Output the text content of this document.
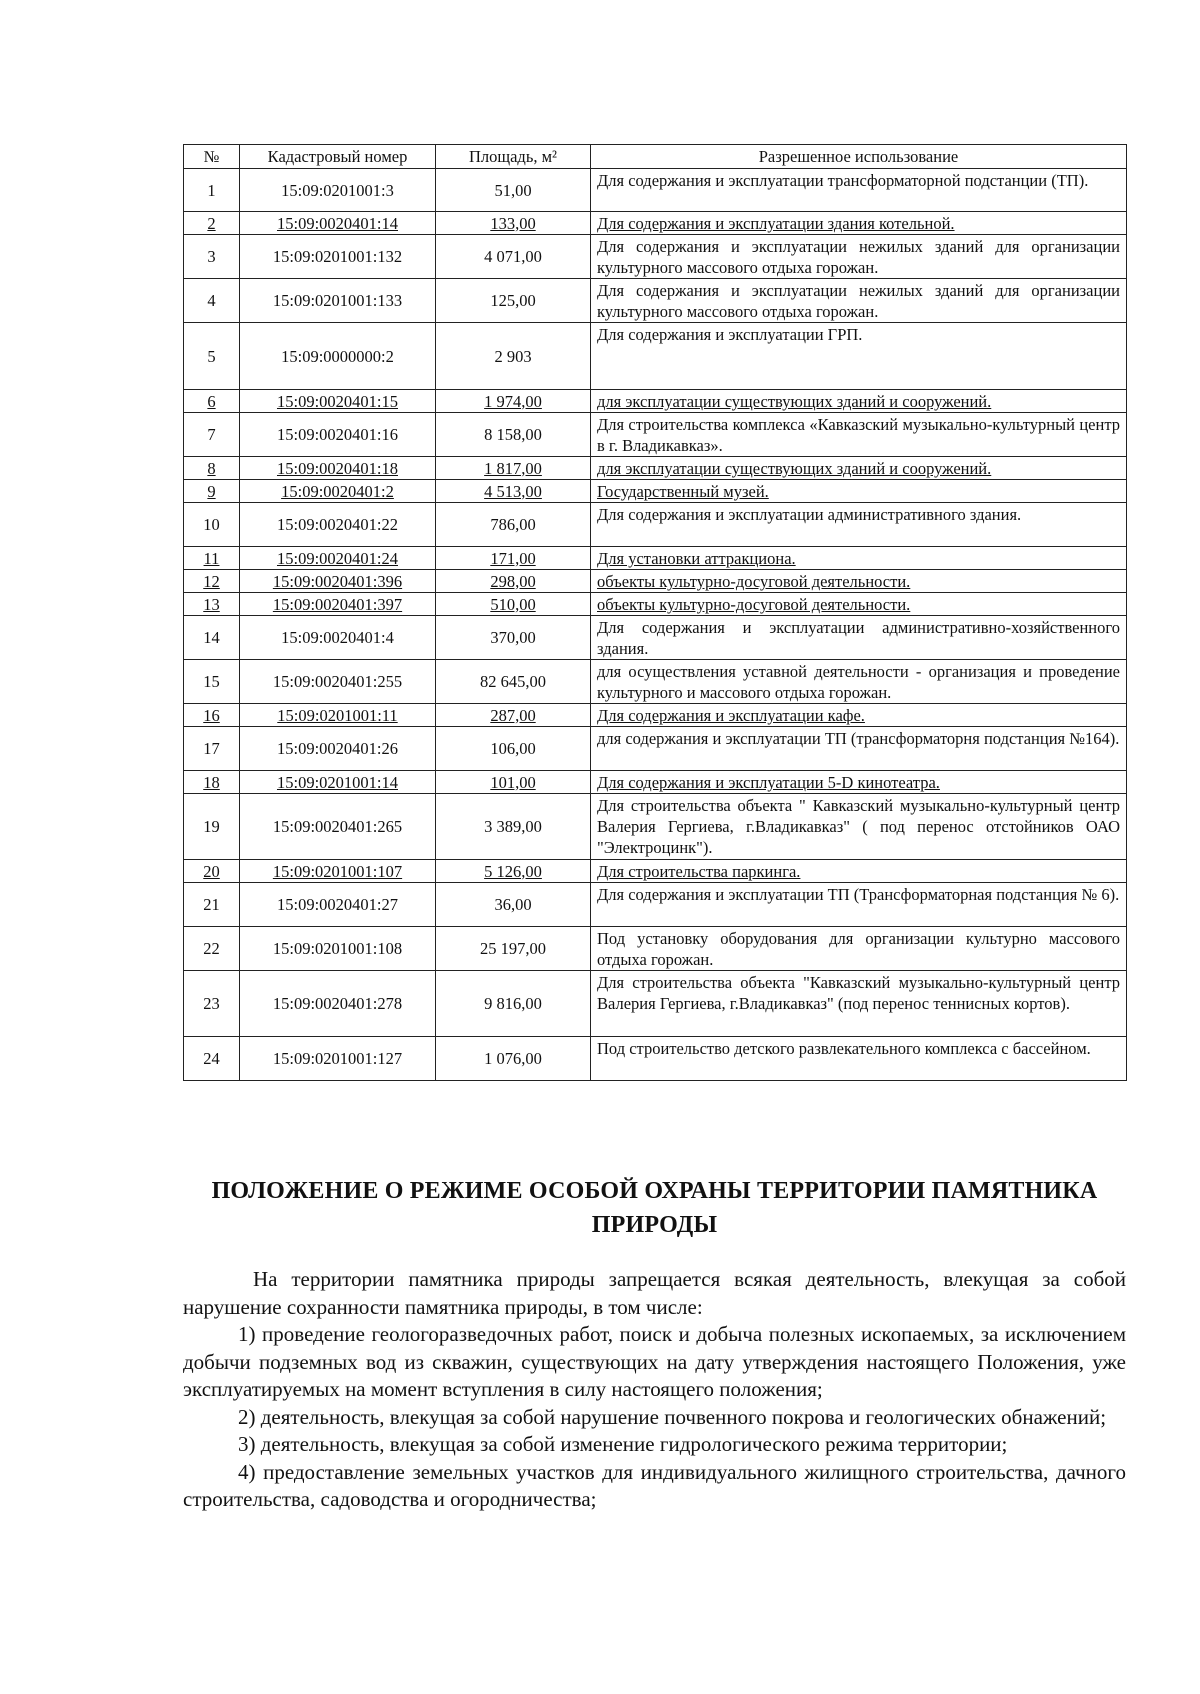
№	Кадастровый номер	Площадь, м²	Разрешенное использование
1	15:09:0201001:3	51,00	Для содержания и эксплуатации трансформаторной подстанции (ТП).

2	15:09:0020401:14	133,00	Для содержания и эксплуатации здания котельной.

3	15:09:0201001:132	4 071,00	Для содержания и эксплуатации нежилых зданий для организации культурного массового отдыха горожан.

4	15:09:0201001:133	125,00	Для содержания и эксплуатации нежилых зданий для организации культурного массового отдыха горожан.

5	15:09:0000000:2	2 903	Для содержания и эксплуатации ГРП.

6	15:09:0020401:15	1 974,00	для эксплуатации существующих зданий и сооружений.

7	15:09:0020401:16	8 158,00	Для строительства комплекса «Кавказский музыкально-культурный центр в г. Владикавказ».

8	15:09:0020401:18	1 817,00	для эксплуатации существующих зданий и сооружений.

9	15:09:0020401:2	4 513,00	Государственный музей.

10	15:09:0020401:22	786,00	Для содержания и эксплуатации административного здания.

11	15:09:0020401:24	171,00	Для установки аттракциона.

12	15:09:0020401:396	298,00	объекты культурно-досуговой деятельности.

13	15:09:0020401:397	510,00	объекты культурно-досуговой деятельности.

14	15:09:0020401:4	370,00	Для содержания и эксплуатации административно-хозяйственного здания.

15	15:09:0020401:255	82 645,00	для осуществления уставной деятельности - организация и проведение культурного и массового отдыха горожан.

16	15:09:0201001:11	287,00	Для содержания и эксплуатации кафе.

17	15:09:0020401:26	106,00	для содержания и эксплуатации ТП (трансформаторня подстанция №164).

18	15:09:0201001:14	101,00	Для содержания и эксплуатации 5-D кинотеатра.

19	15:09:0020401:265	3 389,00	Для строительства объекта " Кавказский музыкально-культурный центр Валерия Гергиева, г.Владикавказ" ( под перенос отстойников ОАО "Электроцинк").

20	15:09:0201001:107	5 126,00	Для строительства паркинга.

21	15:09:0020401:27	36,00	Для содержания и эксплуатации ТП (Трансформаторная подстанция № 6).

22	15:09:0201001:108	25 197,00	Под установку оборудования для организации культурно массового отдыха горожан.

23	15:09:0020401:278	9 816,00	Для строительства объекта "Кавказский музыкально-культурный центр Валерия Гергиева, г.Владикавказ" (под перенос теннисных кортов).

24	15:09:0201001:127	1 076,00	Под строительство детского развлекательного комплекса с бассейном.
ПОЛОЖЕНИЕ О РЕЖИМЕ ОСОБОЙ ОХРАНЫ ТЕРРИТОРИИ ПАМЯТНИКА
ПРИРОДЫ

На территории памятника природы запрещается всякая деятельность, влекущая за собой нарушение сохранности памятника природы, в том числе:

1) проведение геологоразведочных работ, поиск и добыча полезных ископаемых, за исключением добычи подземных вод из скважин, существующих на дату утверждения настоящего Положения, уже эксплуатируемых на момент вступления в силу настоящего положения;

2) деятельность, влекущая за собой нарушение почвенного покрова и геологических обнажений;

3) деятельность, влекущая за собой изменение гидрологического режима территории;

4) предоставление земельных участков для индивидуального жилищного строительства, дачного строительства, садоводства и огородничества;
